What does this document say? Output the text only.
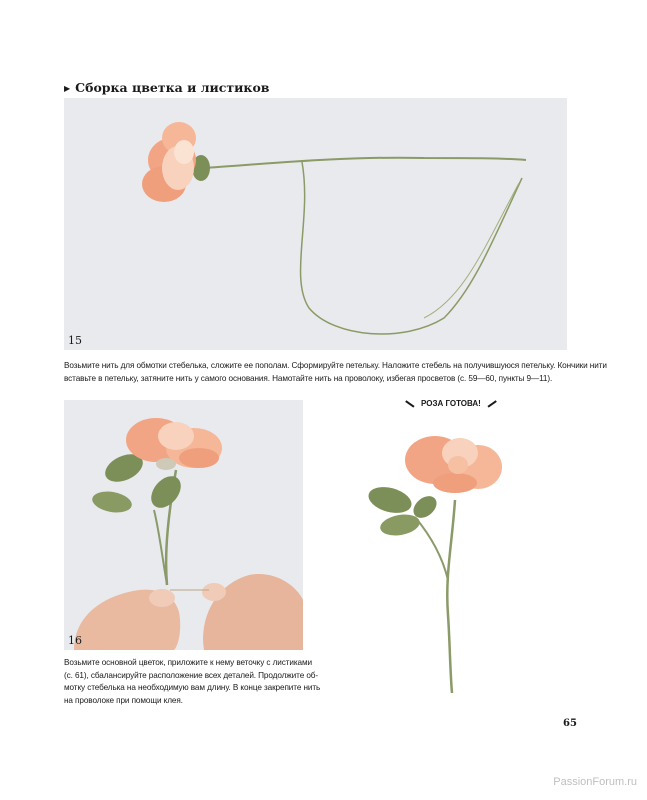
▶ Сборка цветка и листиков
15

Возьмите нить для обмотки стебелька, сложите ее пополам. Сформируйте петельку. Наложите стебель на получившуюся петельку. Кончики нити

вставьте в петельку, затяните нить у самого основания. Намотайте нить на проволоку, избегая просветов (с. 59—60, пункты 9—11).

16

Возьмите основной цветок, приложите к нему веточку с листиками

(с. 61), сбалансируйте расположение всех деталей. Продолжите об-

мотку стебелька на необходимую вам длину. В конце закрепите нить

на проволоке при помощи клея.

РОЗА ГОТОВА!
65
PassionForum.ru
